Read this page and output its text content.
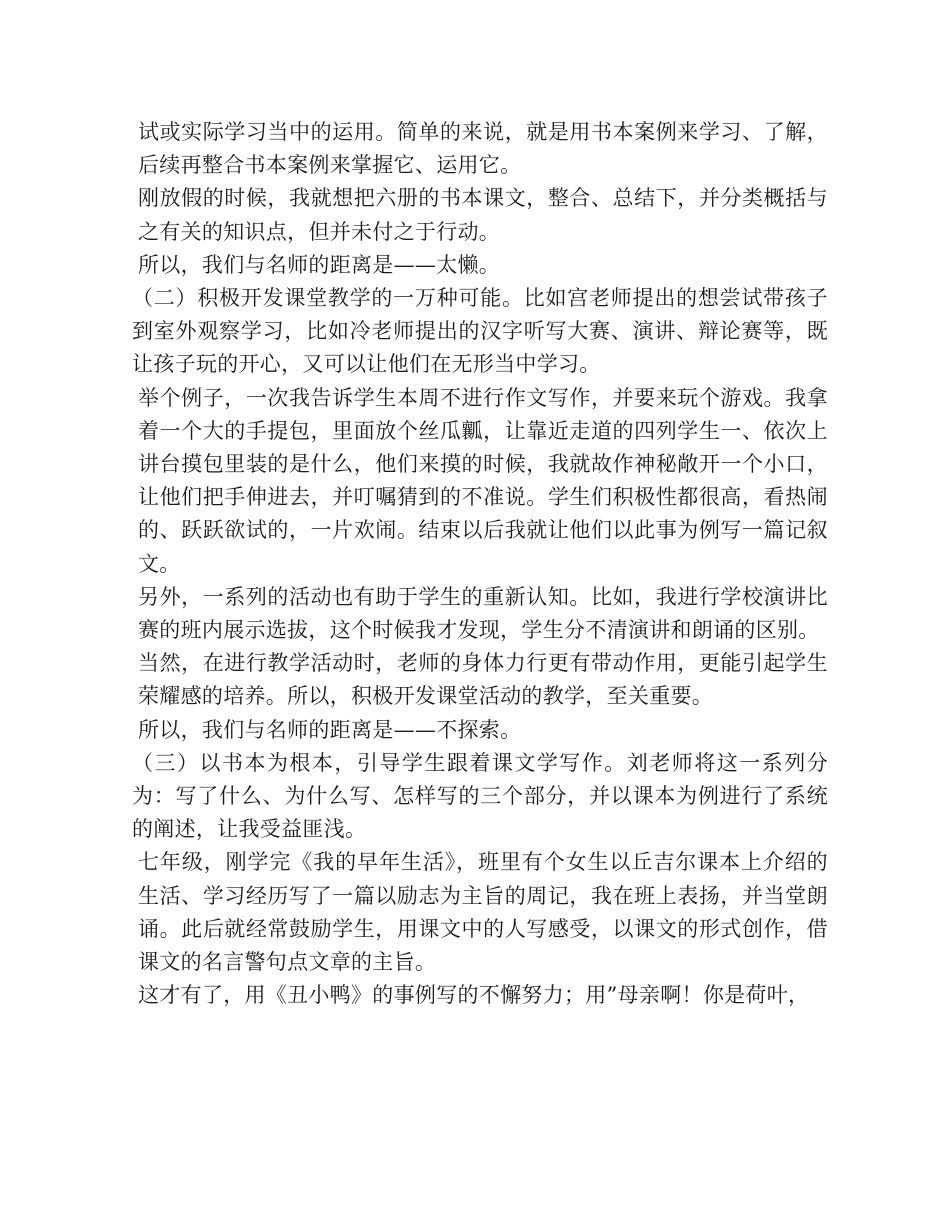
试或实际学习当中的运用。简单的来说，就是用书本案例来学习、了解，后续再整合书本案例来掌握它、运用它。

刚放假的时候，我就想把六册的书本课文，整合、总结下，并分类概括与之有关的知识点，但并未付之于行动。

所以，我们与名师的距离是——太懒。

（二）积极开发课堂教学的一万种可能。比如宫老师提出的想尝试带孩子到室外观察学习，比如冷老师提出的汉字听写大赛、演讲、辩论赛等，既让孩子玩的开心，又可以让他们在无形当中学习。

举个例子，一次我告诉学生本周不进行作文写作，并要来玩个游戏。我拿着一个大的手提包，里面放个丝瓜瓤，让靠近走道的四列学生一、依次上讲台摸包里装的是什么，他们来摸的时候，我就故作神秘敞开一个小口，让他们把手伸进去，并叮嘱猜到的不准说。学生们积极性都很高，看热闹的、跃跃欲试的，一片欢闹。结束以后我就让他们以此事为例写一篇记叙文。

另外，一系列的活动也有助于学生的重新认知。比如，我进行学校演讲比赛的班内展示选拔，这个时候我才发现，学生分不清演讲和朗诵的区别。

当然，在进行教学活动时，老师的身体力行更有带动作用，更能引起学生荣耀感的培养。所以，积极开发课堂活动的教学，至关重要。

所以，我们与名师的距离是——不探索。

（三）以书本为根本，引导学生跟着课文学写作。刘老师将这一系列分为：写了什么、为什么写、怎样写的三个部分，并以课本为例进行了系统的阐述，让我受益匪浅。

七年级，刚学完《我的早年生活》，班里有个女生以丘吉尔课本上介绍的生活、学习经历写了一篇以励志为主旨的周记，我在班上表扬，并当堂朗诵。此后就经常鼓励学生，用课文中的人写感受，以课文的形式创作，借课文的名言警句点文章的主旨。

这才有了，用《丑小鸭》的事例写的不懈努力；用”母亲啊！你是荷叶，
